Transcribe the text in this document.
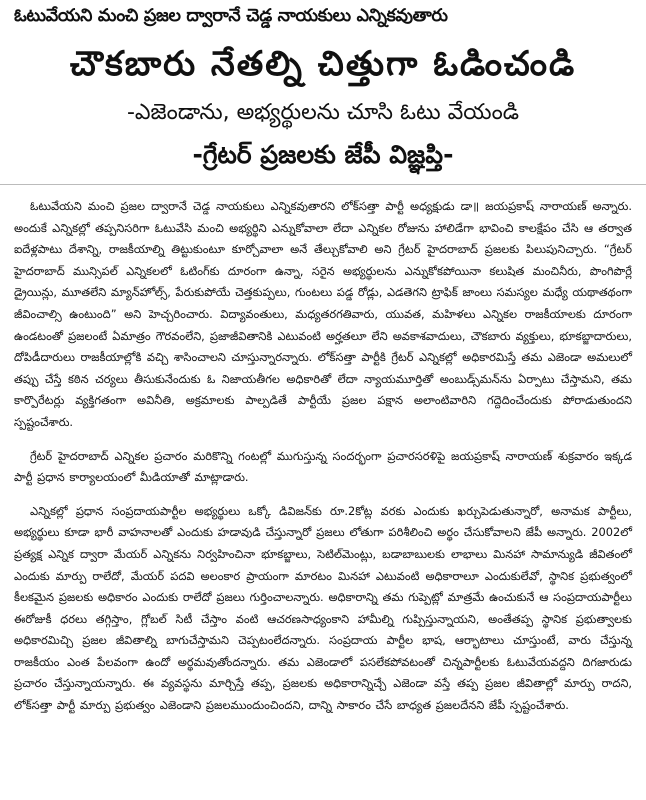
ఓటువేయని మంచి ప్రజల ద్వారానే చెడ్డ నాయకులు ఎన్నికవుతారు
చౌకబారు నేతల్ని చిత్తుగా ఓడించండి
-ఎజెండాను, అభ్యర్థులను చూసి ఓటు వేయండి
-గ్రేటర్ ప్రజలకు జేపీ విజ్ఞప్తి-

ఓటువేయని మంచి ప్రజల ద్వారానే చెడ్డ నాయకులు ఎన్నికవుతారని లోక్‌సత్తా పార్టీ అధ్యక్షుడు డా॥ జయప్రకాష్ నారాయణ్ అన్నారు. అందుకే ఎన్నికల్లో తప్పనిసరిగా ఓటువేసి మంచి అభ్యర్థిని ఎన్నుకోవాలా లేదా ఎన్నికల రోజును హాలిడేగా భావించి కాలక్షేపం చేసి ఆ తర్వాత ఐదేళ్లపాటు దేశాన్ని, రాజకీయాల్ని తిట్టుకుంటూ కూర్చోవాలా అనే తేల్చుకోవాలి అని గ్రేటర్ హైదరాబాద్ ప్రజలకు పిలుపునిచ్చారు. “గ్రేటర్ హైదరాబాద్ మున్సిపల్ ఎన్నికలలో ఓటింగ్‌కు దూరంగా ఉన్నా, సరైన అభ్యర్థులను ఎన్నుకోకపోయినా కలుషిత మంచినీరు, పొంగిపొర్లే డ్రైయిన్లు, మూతలేని మ్యాన్‌హోల్స్, పేరుకుపోయే చెత్తకుప్పలు, గుంటలు పడ్డ రోడ్లు, ఎడతెగని ట్రాఫిక్ జాంలు సమస్యల మధ్యే యథాతథంగా జీవించాల్సి ఉంటుంది” అని హెచ్చరించారు. విద్యావంతులు, మధ్యతరగతివారు, యువత, మహిళలు ఎన్నికల రాజకీయాలకు దూరంగా ఉండటంతో ప్రజలంటే ఏమాత్రం గౌరవంలేని, ప్రజాజీవితానికి ఎటువంటి అర్హతలూ లేని అవకాశవాదులు, చౌకబారు వ్యక్తులు, భూకబ్జాదారులు, దోపిడీదారులు రాజకీయాల్లోకి వచ్చి శాసించాలని చూస్తున్నారన్నారు. లోక్‌సత్తా పార్టీకి గ్రేటర్ ఎన్నికల్లో అధికారమిస్తే తమ ఎజెండా అమలులో తప్పు చేస్తే కఠిన చర్యలు తీసుకునేందుకు ఓ నిజాయతీగల అధికారితో లేదా న్యాయమూర్తితో అంబుడ్స్‌మన్‌ను ఏర్పాటు చేస్తామని, తమ కార్పొరేటర్లు వ్యక్తిగతంగా అవినీతి, అక్రమాలకు పాల్పడితే పార్టీయే ప్రజల పక్షాన అలాంటివారిని గద్దెదించేందుకు పోరాడుతుందని స్పష్టంచేశారు.

గ్రేటర్ హైదరాబాద్ ఎన్నికల ప్రచారం మరికొన్ని గంటల్లో ముగుస్తున్న సందర్భంగా ప్రచారసరళిపై జయప్రకాష్ నారాయణ్ శుక్రవారం ఇక్కడ పార్టీ ప్రధాన కార్యాలయంలో మీడియాతో మాట్లాడారు.

ఎన్నికల్లో ప్రధాన సంప్రదాయపార్టీల అభ్యర్థులు ఒక్కో డివిజన్‌కు రూ.2కోట్ల వరకు ఎందుకు ఖర్చుపెడుతున్నారో, అనామక పార్టీలు, అభ్యర్థులు కూడా భారీ వాహనాలతో ఎందుకు హడావుడి చేస్తున్నారో ప్రజలు లోతుగా పరిశీలించి అర్థం చేసుకోవాలని జేపీ అన్నారు. 2002లో ప్రత్యక్ష ఎన్నిక ద్వారా మేయర్ ఎన్నికను నిర్వహించినా భూకబ్జాలు, సెటిల్‌మెంట్లు, బడాబాబులకు లాభాలు మినహా సామాన్యుడి జీవితంలో ఎందుకు మార్పు రాలేదో, మేయర్ పదవి అలంకార ప్రాయంగా మారటం మినహా ఎటువంటి అధికారాలూ ఎందుకులేవో, స్థానిక ప్రభుత్వంలో కీలకమైన ప్రజలకు అధికారం ఎందుకు రాలేదో ప్రజలు గుర్తించాలన్నారు. అధికారాన్ని తమ గుప్పెట్లో మాత్రమే ఉంచుకునే ఆ సంప్రదాయపార్టీలు ఈరోజుకీ ధరలు తగ్గిస్తాం, గ్లోబల్ సిటీ చేస్తాం వంటి ఆచరణసాధ్యంకాని హామీల్ని గుప్పిస్తున్నాయని, అంతేతప్ప స్థానిక ప్రభుత్వాలకు అధికారమిచ్చి ప్రజల జీవితాల్ని బాగుచేస్తామని చెప్పటంలేదన్నారు. సంప్రదాయ పార్టీల భాష, ఆర్భాటాలు చూస్తుంటే, వారు చేస్తున్న రాజకీయం ఎంత పేలవంగా ఉందో అర్థమవుతోందన్నారు. తమ ఎజెండాలో పసలేకపోవటంతో చిన్నపార్టీలకు ఓటువేయవద్దని దిగజారుడు ప్రచారం చేస్తున్నాయన్నారు. ఈ వ్యవస్థను మార్చిస్తే తప్ప, ప్రజలకు అధికారాన్నిచ్చే ఎజెండా వస్తే తప్ప ప్రజల జీవితాల్లో మార్పు రాదని, లోక్‌సత్తా పార్టీ మార్పు ప్రభుత్వం ఎజెండాని ప్రజలముందుంచిందని, దాన్ని సాకారం చేసే బాధ్యత ప్రజలదేనని జేపీ స్పష్టంచేశారు.
